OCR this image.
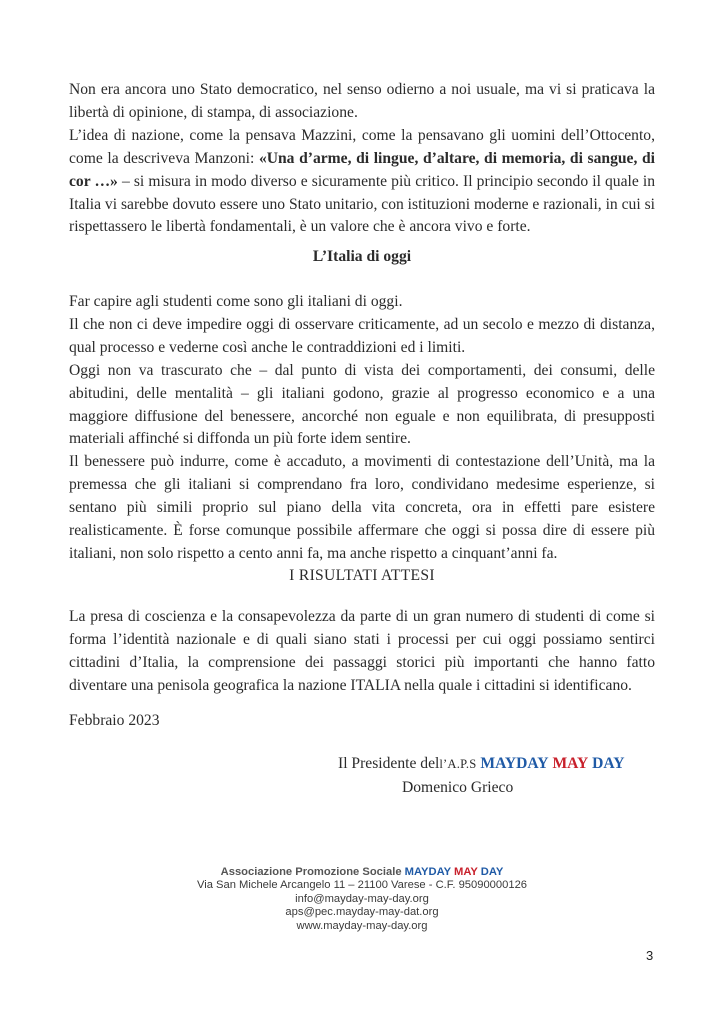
Non era ancora uno Stato democratico, nel senso odierno a noi usuale, ma vi si praticava la libertà di opinione, di stampa, di associazione.

L’idea di nazione, come la pensava Mazzini, come la pensavano gli uomini dell’Ottocento, come la descriveva Manzoni: «Una d’arme, di lingue, d’altare, di memoria, di sangue, di cor …» – si misura in modo diverso e sicuramente più critico. Il principio secondo il quale in Italia vi sarebbe dovuto essere uno Stato unitario, con istituzioni moderne e razionali, in cui si rispettassero le libertà fondamentali, è un valore che è ancora vivo e forte.

L’Italia di oggi

Far capire agli studenti come sono gli italiani di oggi.

Il che non ci deve impedire oggi di osservare criticamente, ad un secolo e mezzo di distanza, qual processo e vederne così anche le contraddizioni ed i limiti.

Oggi non va trascurato che – dal punto di vista dei comportamenti, dei consumi, delle abitudini, delle mentalità – gli italiani godono, grazie al progresso economico e a una maggiore diffusione del benessere, ancorché non eguale e non equilibrata, di presupposti materiali affinché si diffonda un più forte idem sentire.

Il benessere può indurre, come è accaduto, a movimenti di contestazione dell’Unità, ma la premessa che gli italiani si comprendano fra loro, condividano medesime esperienze, si sentano più simili proprio sul piano della vita concreta, ora in effetti pare esistere realisticamente. È forse comunque possibile affermare che oggi si possa dire di essere più italiani, non solo rispetto a cento anni fa, ma anche rispetto a cinquant’anni fa.

I RISULTATI ATTESI

La presa di coscienza e la consapevolezza da parte di un gran numero di studenti di come si forma l’identità nazionale e di quali siano stati i processi per cui oggi possiamo sentirci cittadini d’Italia, la comprensione dei passaggi storici più importanti che hanno fatto diventare una penisola geografica la nazione ITALIA nella quale i cittadini si identificano.

Febbraio 2023
Il Presidente dell’A.P.S MAYDAY MAY DAY
Domenico Grieco
Associazione Promozione Sociale MAYDAY MAY DAY
Via San Michele Arcangelo 11 – 21100 Varese - C.F. 95090000126
info@mayday-may-day.org
aps@pec.mayday-may-dat.org
www.mayday-may-day.org
3
